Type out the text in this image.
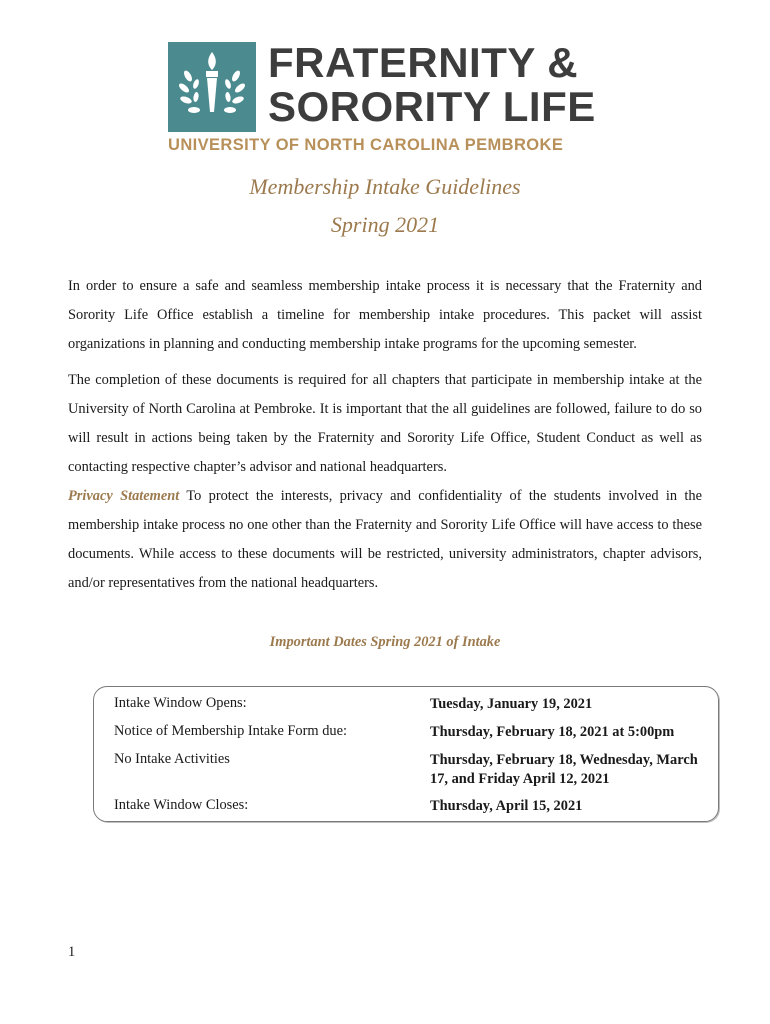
FRATERNITY &
SORORITY LIFE
UNIVERSITY OF NORTH CAROLINA PEMBROKE
Membership Intake Guidelines
Spring 2021

In order to ensure a safe and seamless membership intake process it is necessary that the Fraternity and Sorority Life Office establish a timeline for membership intake procedures. This packet will assist organizations in planning and conducting membership intake programs for the upcoming semester.

The completion of these documents is required for all chapters that participate in membership intake at the University of North Carolina at Pembroke. It is important that the all guidelines are followed, failure to do so will result in actions being taken by the Fraternity and Sorority Life Office, Student Conduct as well as contacting respective chapter’s advisor and national headquarters.

Privacy Statement To protect the interests, privacy and confidentiality of the students involved in the membership intake process no one other than the Fraternity and Sorority Life Office will have access to these documents. While access to these documents will be restricted, university administrators, chapter advisors, and/or representatives from the national headquarters.

Important Dates Spring 2021 of Intake
Intake Window Opens:	Tuesday, January 19, 2021
Notice of Membership Intake Form due:	Thursday, February 18, 2021 at 5:00pm
No Intake Activities	Thursday, February 18, Wednesday, March 17, and Friday April 12, 2021
Intake Window Closes:	Thursday, April 15, 2021
1
